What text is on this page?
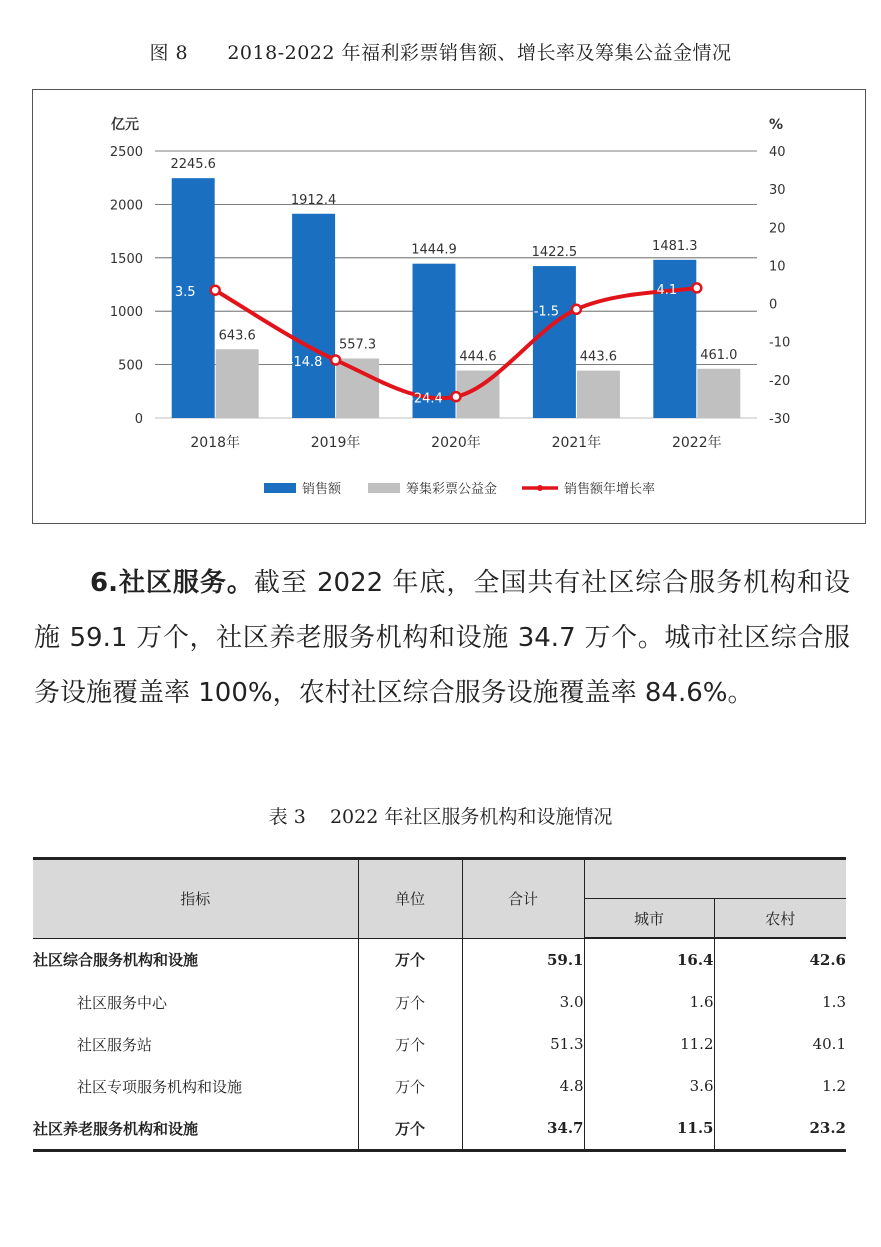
图 8      2018-2022 年福利彩票销售额、增长率及筹集公益金情况
0
500
1000
1500
2000
2500
-30
-20
-10
0
10
20
30
40
亿元	%
2245.6
643.6
2018年
1912.4
557.3
2019年
1444.9
444.6
2020年
1422.5
443.6
2021年
1481.3
461.0
2022年
3.5
-14.8
-24.4
-1.5
4.1
销售额	筹集彩票公益金	销售额年增长率
6.社区服务。截至 2022 年底，全国共有社区综合服务机构和设施 59.1 万个，社区养老服务机构和设施 34.7 万个。城市社区综合服务设施覆盖率 100%，农村社区综合服务设施覆盖率 84.6%。
表 3    2022 年社区服务机构和设施情况
指标	单位	合计		
			城市	农村
社区综合服务机构和设施	万个	59.1	16.4	42.6
社区服务中心	万个	3.0	1.6	1.3
社区服务站	万个	51.3	11.2	40.1
社区专项服务机构和设施	万个	4.8	3.6	1.2
社区养老服务机构和设施	万个	34.7	11.5	23.2
